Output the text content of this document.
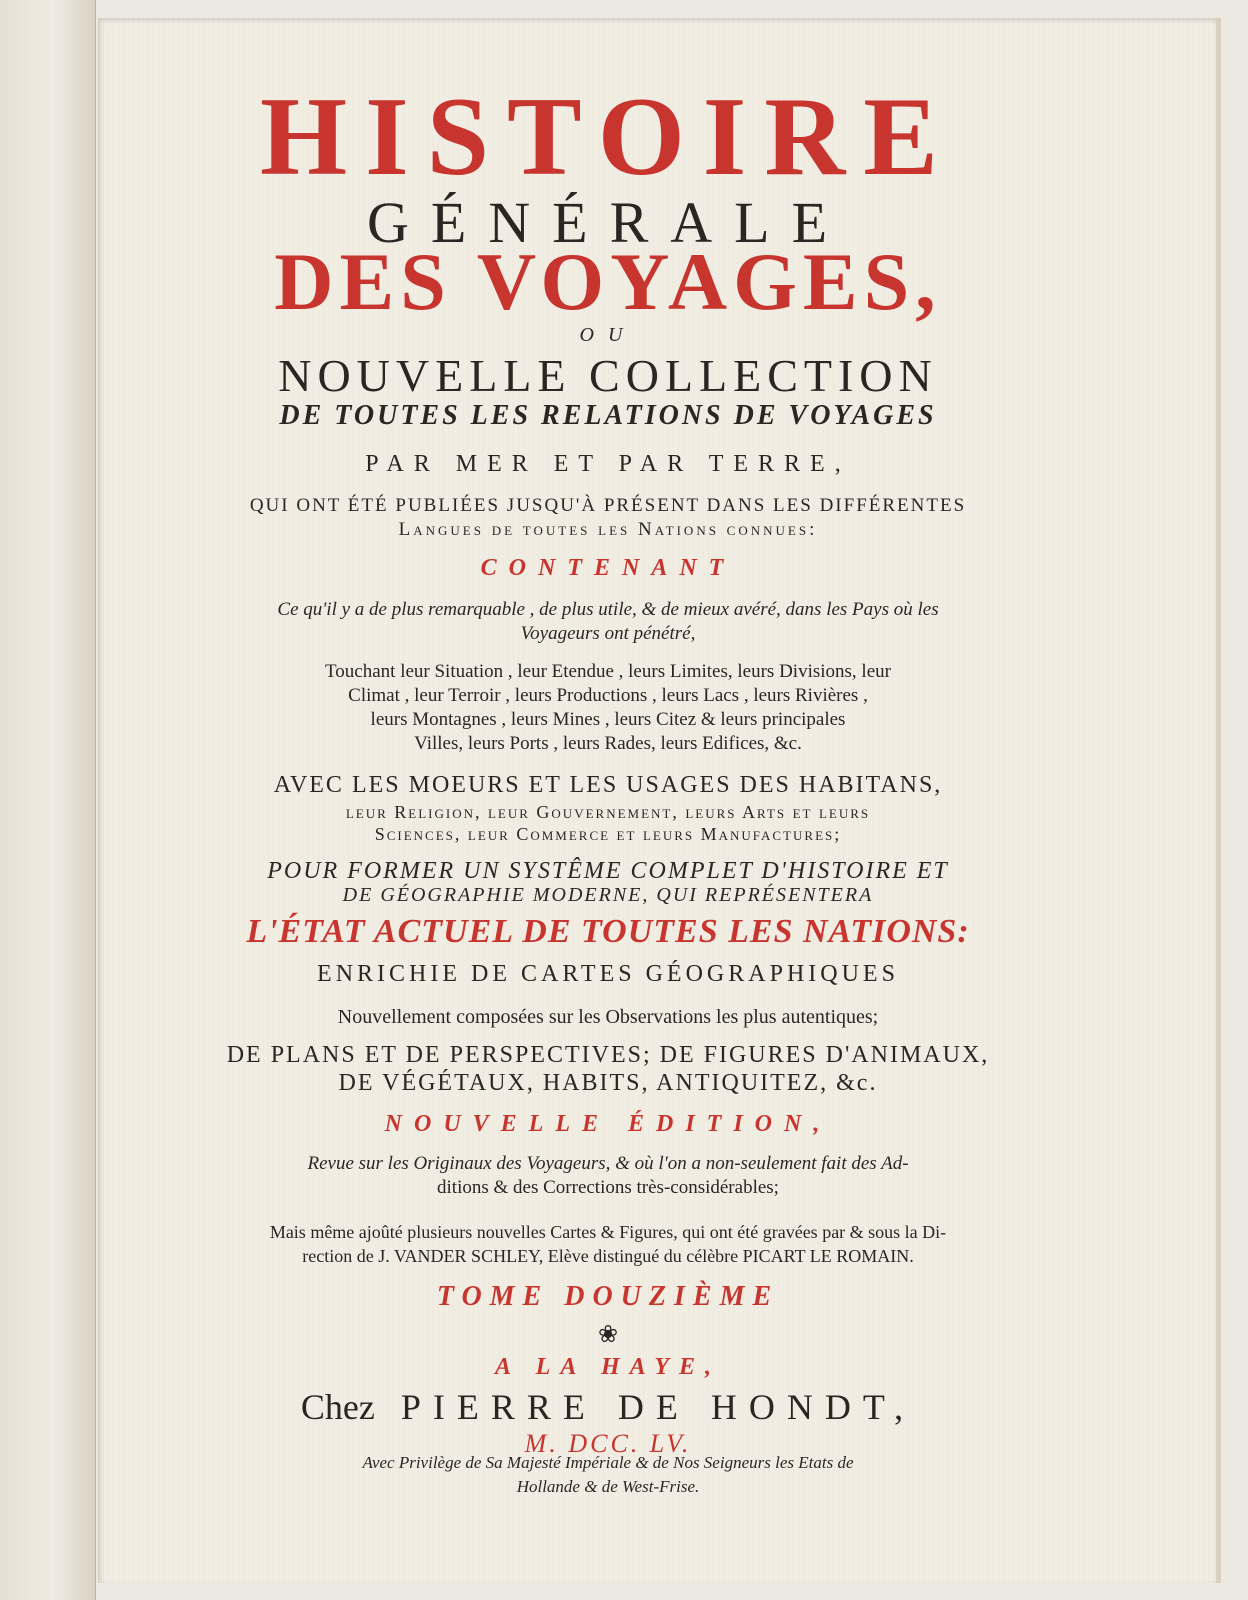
HISTOIRE
GÉNÉRALE
DES VOYAGES,
OU
NOUVELLE COLLECTION
DE TOUTES LES RELATIONS DE VOYAGES
PAR MER ET PAR TERRE,
QUI ONT ÉTÉ PUBLIÉES JUSQU'À PRÉSENT DANS LES DIFFÉRENTES
Langues de toutes les Nations connues:
CONTENANT
Ce qu'il y a de plus remarquable , de plus utile, & de mieux avéré, dans les Pays où les
Voyageurs ont pénétré,
Touchant leur Situation , leur Etendue , leurs Limites, leurs Divisions, leur
Climat , leur Terroir , leurs Productions , leurs Lacs , leurs Rivières ,
leurs Montagnes , leurs Mines , leurs Citez & leurs principales
Villes, leurs Ports , leurs Rades, leurs Edifices, &c.
AVEC LES MOEURS ET LES USAGES DES HABITANS,
leur Religion, leur Gouvernement, leurs Arts et leurs
Sciences, leur Commerce et leurs Manufactures;
POUR FORMER UN SYSTÊME COMPLET D'HISTOIRE ET
DE GÉOGRAPHIE MODERNE, QUI REPRÉSENTERA
L'ÉTAT ACTUEL DE TOUTES LES NATIONS:
ENRICHIE DE CARTES GÉOGRAPHIQUES
Nouvellement composées sur les Observations les plus autentiques;
DE PLANS ET DE PERSPECTIVES; DE FIGURES D'ANIMAUX,
DE VÉGÉTAUX, HABITS, ANTIQUITEZ, &c.
NOUVELLE ÉDITION,
Revue sur les Originaux des Voyageurs, & où l'on a non-seulement fait des Ad-
ditions & des Corrections très-considérables;
Mais même ajoûté plusieurs nouvelles Cartes & Figures, qui ont été gravées par & sous la Di-
rection de J. VANDER SCHLEY, Elève distingué du célèbre PICART LE ROMAIN.
TOME DOUZIÈME
❀
A LA HAYE,
Chez PIERRE DE HONDT,
M. DCC. LV.
Avec Privilège de Sa Majesté Impériale & de Nos Seigneurs les Etats de
Hollande & de West-Frise.
